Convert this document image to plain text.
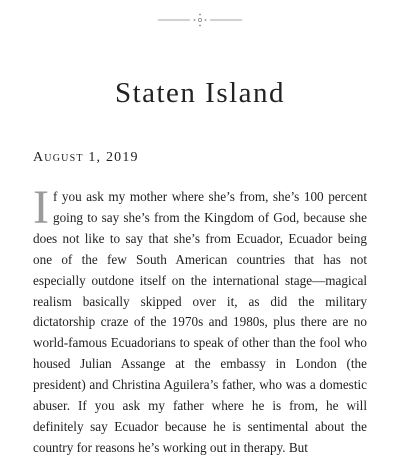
Staten Island
August 1, 2019

If you ask my mother where she’s from, she’s 100 percent going to say she’s from the Kingdom of God, because she does not like to say that she’s from Ecuador, Ecuador being one of the few South American countries that has not especially outdone itself on the international stage—magical realism basically skipped over it, as did the military dictatorship craze of the 1970s and 1980s, plus there are no world-famous Ecuadorians to speak of other than the fool who housed Julian Assange at the embassy in London (the president) and Christina Aguilera’s father, who was a domestic abuser. If you ask my father where he is from, he will definitely say Ecuador because he is sentimental about the country for reasons he’s working out in therapy. But
